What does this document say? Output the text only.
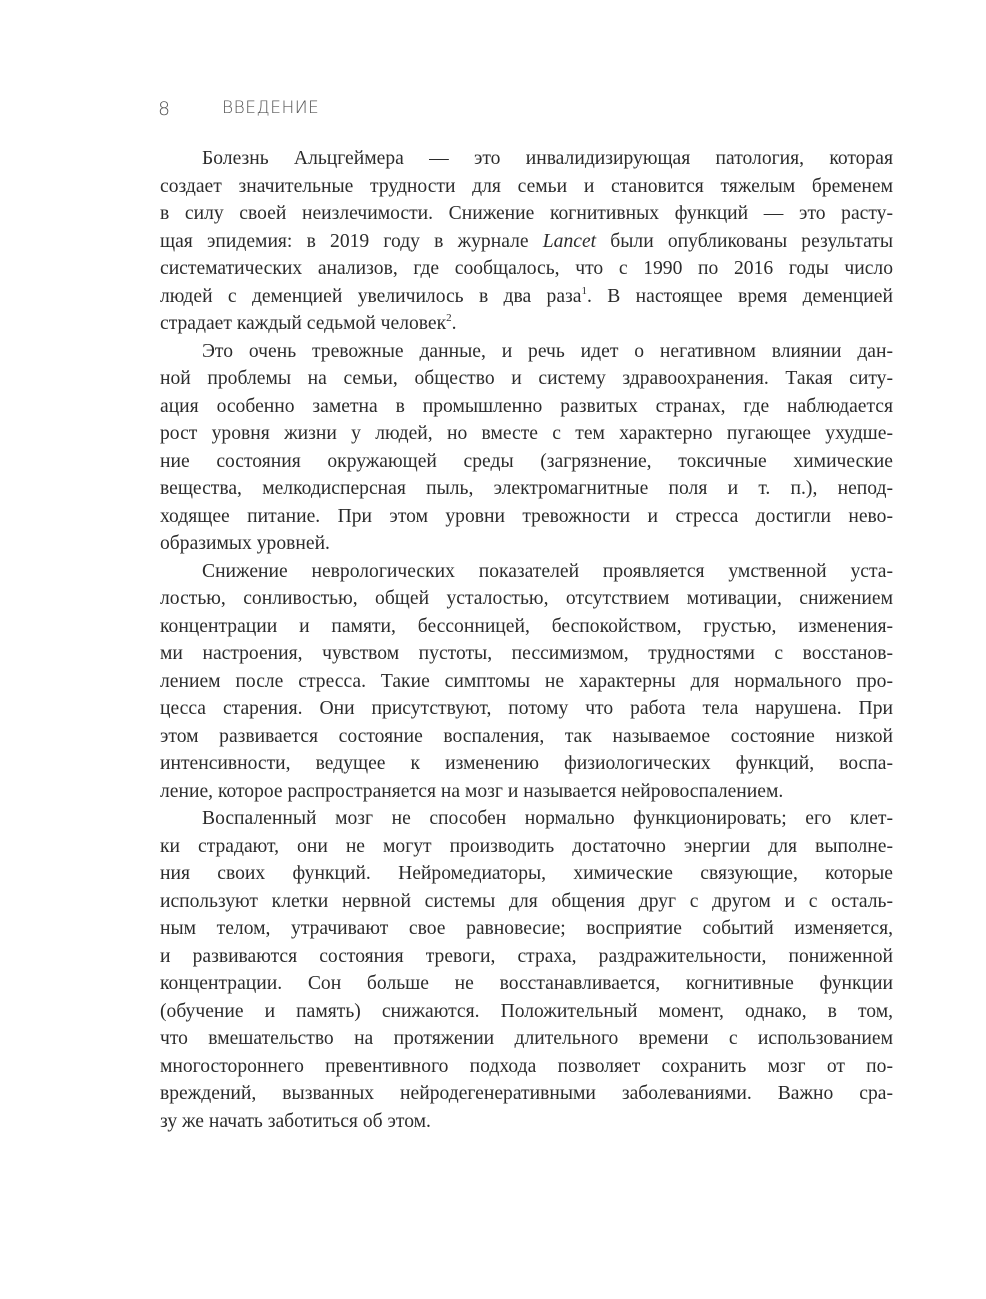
8	ВВЕДЕНИЕ
Болезнь Альцгеймера — это инвалидизирующая патология, которая
создает значительные трудности для семьи и становится тяжелым бременем
в силу своей неизлечимости. Снижение когнитивных функций — это расту-
щая эпидемия: в 2019 году в журнале Lancet были опубликованы результаты
систематических анализов, где сообщалось, что с 1990 по 2016 годы число
людей с деменцией увеличилось в два раза$^1$. В настоящее время деменцией
страдает каждый седьмой человек$^2$.
Это очень тревожные данные, и речь идет о негативном влиянии дан-
ной проблемы на семьи, общество и систему здравоохранения. Такая ситу-
ация особенно заметна в промышленно развитых странах, где наблюдается
рост уровня жизни у людей, но вместе с тем характерно пугающее ухудше-
ние состояния окружающей среды (загрязнение, токсичные химические
вещества, мелкодисперсная пыль, электромагнитные поля и т. п.), непод-
ходящее питание. При этом уровни тревожности и стресса достигли нево-
образимых уровней.
Снижение неврологических показателей проявляется умственной уста-
лостью, сонливостью, общей усталостью, отсутствием мотивации, снижением
концентрации и памяти, бессонницей, беспокойством, грустью, изменения-
ми настроения, чувством пустоты, пессимизмом, трудностями с восстанов-
лением после стресса. Такие симптомы не характерны для нормального про-
цесса старения. Они присутствуют, потому что работа тела нарушена. При
этом развивается состояние воспаления, так называемое состояние низкой
интенсивности, ведущее к изменению физиологических функций, воспа-
ление, которое распространяется на мозг и называется нейровоспалением.
Воспаленный мозг не способен нормально функционировать; его клет-
ки страдают, они не могут производить достаточно энергии для выполне-
ния своих функций. Нейромедиаторы, химические связующие, которые
используют клетки нервной системы для общения друг с другом и с осталь-
ным телом, утрачивают свое равновесие; восприятие событий изменяется,
и развиваются состояния тревоги, страха, раздражительности, пониженной
концентрации. Сон больше не восстанавливается, когнитивные функции
(обучение и память) снижаются. Положительный момент, однако, в том,
что вмешательство на протяжении длительного времени с использованием
многостороннего превентивного подхода позволяет сохранить мозг от по-
вреждений, вызванных нейродегенеративными заболеваниями. Важно сра-
зу же начать заботиться об этом.
